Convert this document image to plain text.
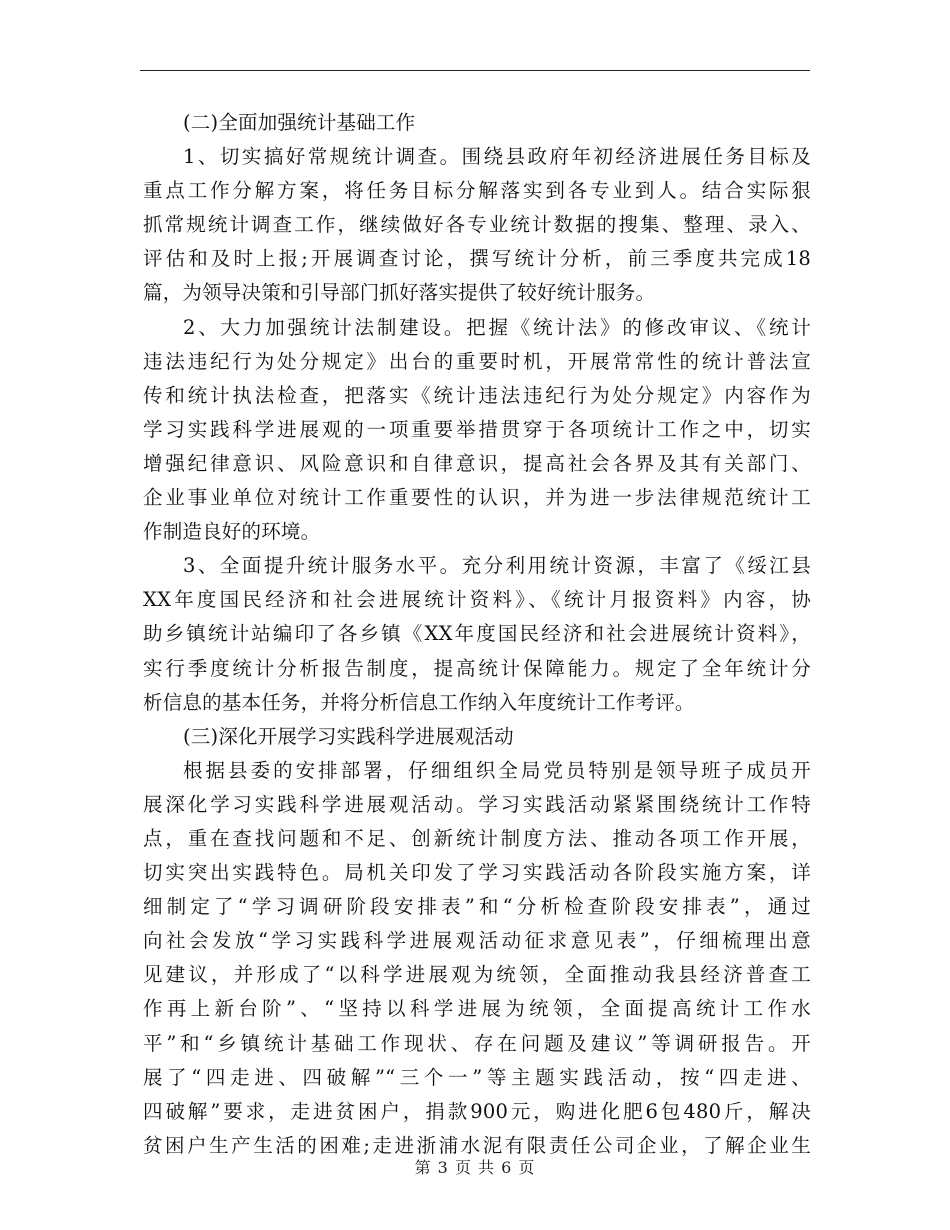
(二)全面加强统计基础工作
1、切实搞好常规统计调查。围绕县政府年初经济进展任务目标及
重点工作分解方案，将任务目标分解落实到各专业到人。结合实际狠
抓常规统计调查工作，继续做好各专业统计数据的搜集、整理、录入、
评估和及时上报;开展调查讨论，撰写统计分析，前三季度共完成18
篇，为领导决策和引导部门抓好落实提供了较好统计服务。
2、大力加强统计法制建设。把握《统计法》的修改审议、《统计
违法违纪行为处分规定》出台的重要时机，开展常常性的统计普法宣
传和统计执法检查，把落实《统计违法违纪行为处分规定》内容作为
学习实践科学进展观的一项重要举措贯穿于各项统计工作之中，切实
增强纪律意识、风险意识和自律意识，提高社会各界及其有关部门、
企业事业单位对统计工作重要性的认识，并为进一步法律规范统计工
作制造良好的环境。
3、全面提升统计服务水平。充分利用统计资源，丰富了《绥江县
XX年度国民经济和社会进展统计资料》、《统计月报资料》内容，协
助乡镇统计站编印了各乡镇《XX年度国民经济和社会进展统计资料》，
实行季度统计分析报告制度，提高统计保障能力。规定了全年统计分
析信息的基本任务，并将分析信息工作纳入年度统计工作考评。
(三)深化开展学习实践科学进展观活动
根据县委的安排部署，仔细组织全局党员特别是领导班子成员开
展深化学习实践科学进展观活动。学习实践活动紧紧围绕统计工作特
点，重在查找问题和不足、创新统计制度方法、推动各项工作开展，
切实突出实践特色。局机关印发了学习实践活动各阶段实施方案，详
细制定了“学习调研阶段安排表”和“分析检查阶段安排表”，通过
向社会发放“学习实践科学进展观活动征求意见表”，仔细梳理出意
见建议，并形成了“以科学进展观为统领，全面推动我县经济普查工
作再上新台阶”、“坚持以科学进展为统领，全面提高统计工作水
平”和“乡镇统计基础工作现状、存在问题及建议”等调研报告。开
展了“四走进、四破解”“三个一”等主题实践活动，按“四走进、
四破解”要求，走进贫困户，捐款900元，购进化肥6包480斤，解决
贫困户生产生活的困难;走进浙浦水泥有限责任公司企业，了解企业生
第 3 页 共 6 页
